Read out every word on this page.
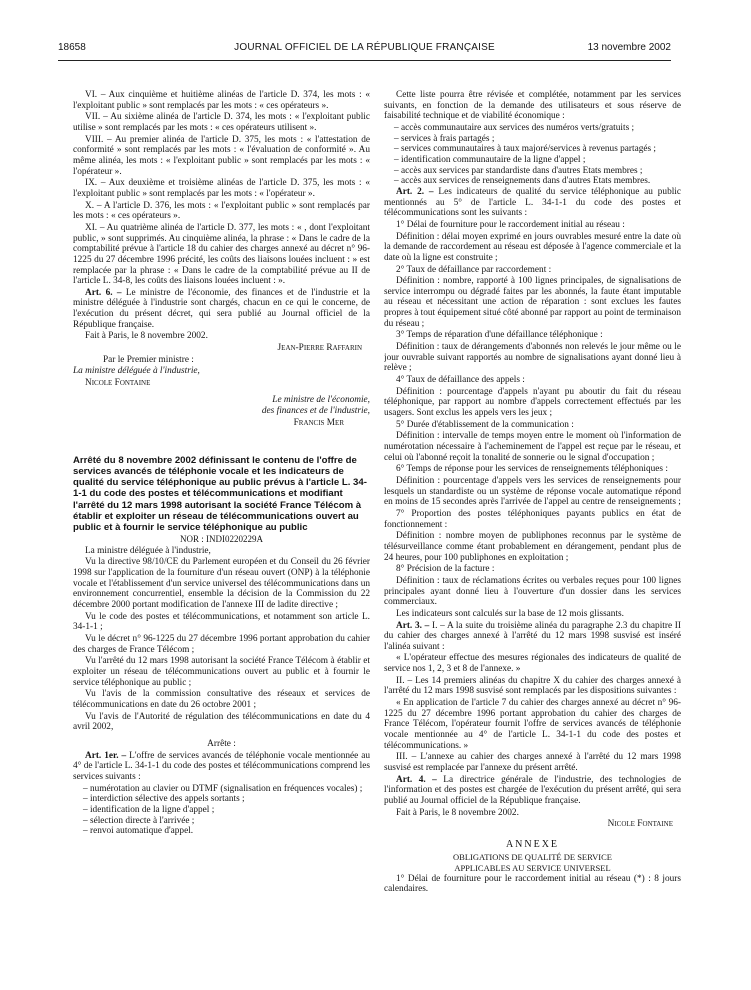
18658	JOURNAL OFFICIEL DE LA RÉPUBLIQUE FRANÇAISE	13 novembre 2002

VI. – Aux cinquième et huitième alinéas de l'article D. 374, les mots : « l'exploitant public » sont remplacés par les mots : « ces opérateurs ».

VII. – Au sixième alinéa de l'article D. 374, les mots : « l'exploitant public utilise » sont remplacés par les mots : « ces opérateurs utilisent ».

VIII. – Au premier alinéa de l'article D. 375, les mots : « l'attestation de conformité » sont remplacés par les mots : « l'évaluation de conformité ». Au même alinéa, les mots : « l'exploitant public » sont remplacés par les mots : « l'opérateur ».

IX. – Aux deuxième et troisième alinéas de l'article D. 375, les mots : « l'exploitant public » sont remplacés par les mots : « l'opérateur ».

X. – A l'article D. 376, les mots : « l'exploitant public » sont remplacés par les mots : « ces opérateurs ».

XI. – Au quatrième alinéa de l'article D. 377, les mots : « , dont l'exploitant public, » sont supprimés. Au cinquième alinéa, la phrase : « Dans le cadre de la comptabilité prévue à l'article 18 du cahier des charges annexé au décret n° 96-1225 du 27 décembre 1996 précité, les coûts des liaisons louées incluent : » est remplacée par la phrase : « Dans le cadre de la comptabilité prévue au II de l'article L. 34-8, les coûts des liaisons louées incluent : ».

Art. 6. – Le ministre de l'économie, des finances et de l'industrie et la ministre déléguée à l'industrie sont chargés, chacun en ce qui le concerne, de l'exécution du présent décret, qui sera publié au Journal officiel de la République française.

Fait à Paris, le 8 novembre 2002.

Jean-Pierre Raffarin

Par le Premier ministre :

La ministre déléguée à l'industrie,

Nicole Fontaine

Le ministre de l'économie,

des finances et de l'industrie,

Francis Mer

Arrêté du 8 novembre 2002 définissant le contenu de l'offre de services avancés de téléphonie vocale et les indicateurs de qualité du service téléphonique au public prévus à l'article L. 34-1-1 du code des postes et télécommunications et modifiant l'arrêté du 12 mars 1998 autorisant la société France Télécom à établir et exploiter un réseau de télécommunications ouvert au public et à fournir le service téléphonique au public

NOR : INDI0220229A

La ministre déléguée à l'industrie,

Vu la directive 98/10/CE du Parlement européen et du Conseil du 26 février 1998 sur l'application de la fourniture d'un réseau ouvert (ONP) à la téléphonie vocale et l'établissement d'un service universel des télécommunications dans un environnement concurrentiel, ensemble la décision de la Commission du 22 décembre 2000 portant modification de l'annexe III de ladite directive ;

Vu le code des postes et télécommunications, et notamment son article L. 34-1-1 ;

Vu le décret n° 96-1225 du 27 décembre 1996 portant approbation du cahier des charges de France Télécom ;

Vu l'arrêté du 12 mars 1998 autorisant la société France Télécom à établir et exploiter un réseau de télécommunications ouvert au public et à fournir le service téléphonique au public ;

Vu l'avis de la commission consultative des réseaux et services de télécommunications en date du 26 octobre 2001 ;

Vu l'avis de l'Autorité de régulation des télécommunications en date du 4 avril 2002,

Arrête :

Art. 1er. – L'offre de services avancés de téléphonie vocale mentionnée au 4° de l'article L. 34-1-1 du code des postes et télécommunications comprend les services suivants :

– numérotation au clavier ou DTMF (signalisation en fréquences vocales) ;
– interdiction sélective des appels sortants ;
– identification de la ligne d'appel ;
– sélection directe à l'arrivée ;
– renvoi automatique d'appel.

Cette liste pourra être révisée et complétée, notamment par les services suivants, en fonction de la demande des utilisateurs et sous réserve de faisabilité technique et de viabilité économique :

– accès communautaire aux services des numéros verts/gratuits ;
– services à frais partagés ;
– services communautaires à taux majoré/services à revenus partagés ;
– identification communautaire de la ligne d'appel ;
– accès aux services par standardiste dans d'autres Etats membres ;
– accès aux services de renseignements dans d'autres Etats membres.

Art. 2. – Les indicateurs de qualité du service téléphonique au public mentionnés au 5° de l'article L. 34-1-1 du code des postes et télécommunications sont les suivants :

1° Délai de fourniture pour le raccordement initial au réseau :

Définition : délai moyen exprimé en jours ouvrables mesuré entre la date où la demande de raccordement au réseau est déposée à l'agence commerciale et la date où la ligne est construite ;

2° Taux de défaillance par raccordement :

Définition : nombre, rapporté à 100 lignes principales, de signalisations de service interrompu ou dégradé faites par les abonnés, la faute étant imputable au réseau et nécessitant une action de réparation : sont exclues les fautes propres à tout équipement situé côté abonné par rapport au point de terminaison du réseau ;

3° Temps de réparation d'une défaillance téléphonique :

Définition : taux de dérangements d'abonnés non relevés le jour même ou le jour ouvrable suivant rapportés au nombre de signalisations ayant donné lieu à relève ;

4° Taux de défaillance des appels :

Définition : pourcentage d'appels n'ayant pu aboutir du fait du réseau téléphonique, par rapport au nombre d'appels correctement effectués par les usagers. Sont exclus les appels vers les jeux ;

5° Durée d'établissement de la communication :

Définition : intervalle de temps moyen entre le moment où l'information de numérotation nécessaire à l'acheminement de l'appel est reçue par le réseau, et celui où l'abonné reçoit la tonalité de sonnerie ou le signal d'occupation ;

6° Temps de réponse pour les services de renseignements téléphoniques :

Définition : pourcentage d'appels vers les services de renseignements pour lesquels un standardiste ou un système de réponse vocale automatique répond en moins de 15 secondes après l'arrivée de l'appel au centre de renseignements ;

7° Proportion des postes téléphoniques payants publics en état de fonctionnement :

Définition : nombre moyen de publiphones reconnus par le système de télésurveillance comme étant probablement en dérangement, pendant plus de 24 heures, pour 100 publiphones en exploitation ;

8° Précision de la facture :

Définition : taux de réclamations écrites ou verbales reçues pour 100 lignes principales ayant donné lieu à l'ouverture d'un dossier dans les services commerciaux.

Les indicateurs sont calculés sur la base de 12 mois glissants.

Art. 3. – I. – A la suite du troisième alinéa du paragraphe 2.3 du chapitre II du cahier des charges annexé à l'arrêté du 12 mars 1998 susvisé est inséré l'alinéa suivant :

« L'opérateur effectue des mesures régionales des indicateurs de qualité de service nos 1, 2, 3 et 8 de l'annexe. »

II. – Les 14 premiers alinéas du chapitre X du cahier des charges annexé à l'arrêté du 12 mars 1998 susvisé sont remplacés par les dispositions suivantes :

« En application de l'article 7 du cahier des charges annexé au décret n° 96-1225 du 27 décembre 1996 portant approbation du cahier des charges de France Télécom, l'opérateur fournit l'offre de services avancés de téléphonie vocale mentionnée au 4° de l'article L. 34-1-1 du code des postes et télécommunications. »

III. – L'annexe au cahier des charges annexé à l'arrêté du 12 mars 1998 susvisé est remplacée par l'annexe du présent arrêté.

Art. 4. – La directrice générale de l'industrie, des technologies de l'information et des postes est chargée de l'exécution du présent arrêté, qui sera publié au Journal officiel de la République française.

Fait à Paris, le 8 novembre 2002.

Nicole Fontaine

ANNEXE

OBLIGATIONS DE QUALITÉ DE SERVICE

APPLICABLES AU SERVICE UNIVERSEL

1° Délai de fourniture pour le raccordement initial au réseau (*) : 8 jours calendaires.
